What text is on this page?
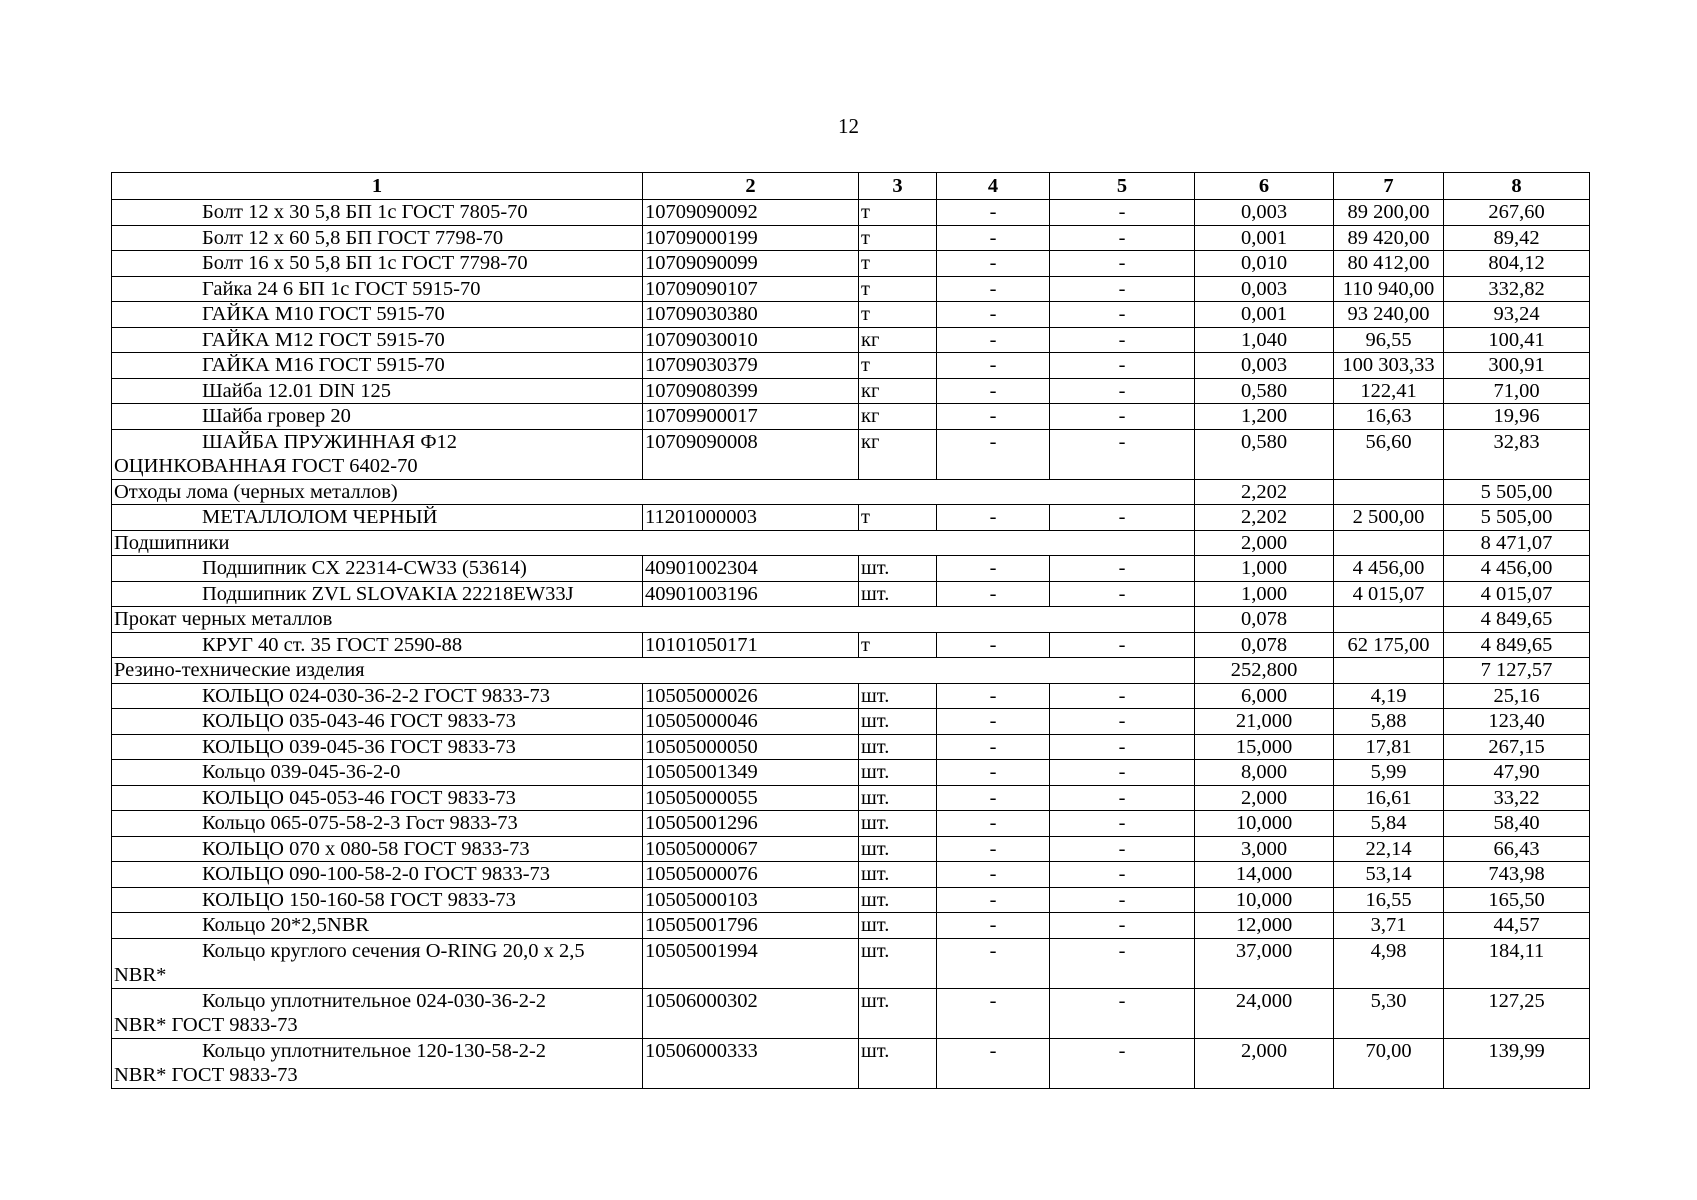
12
1	2	3	4	5	6	7	8

Болт 12 х 30 5,8 БП 1с ГОСТ 7805-70	10709090092	т	-	-	0,003	89 200,00	267,60

Болт 12 х 60 5,8 БП ГОСТ 7798-70	10709000199	т	-	-	0,001	89 420,00	89,42

Болт 16 х 50 5,8 БП 1с ГОСТ 7798-70	10709090099	т	-	-	0,010	80 412,00	804,12

Гайка 24 6 БП 1с ГОСТ 5915-70	10709090107	т	-	-	0,003	110 940,00	332,82

ГАЙКА М10 ГОСТ 5915-70	10709030380	т	-	-	0,001	93 240,00	93,24

ГАЙКА М12 ГОСТ 5915-70	10709030010	кг	-	-	1,040	96,55	100,41

ГАЙКА М16 ГОСТ 5915-70	10709030379	т	-	-	0,003	100 303,33	300,91

Шайба 12.01 DIN 125	10709080399	кг	-	-	0,580	122,41	71,00

Шайба гровер 20	10709900017	кг	-	-	1,200	16,63	19,96

ШАЙБА ПРУЖИННАЯ Ф12
ОЦИНКОВАННАЯ ГОСТ 6402-70	10709090008	кг	-	-	0,580	56,60	32,83
Отходы лома (черных металлов)					2,202		5 505,00

МЕТАЛЛОЛОМ ЧЕРНЫЙ	11201000003	т	-	-	2,202	2 500,00	5 505,00
Подшипники					2,000		8 471,07

Подшипник CX 22314-CW33 (53614)	40901002304	шт.	-	-	1,000	4 456,00	4 456,00

Подшипник ZVL SLOVAKIA 22218EW33J	40901003196	шт.	-	-	1,000	4 015,07	4 015,07
Прокат черных металлов					0,078		4 849,65

КРУГ 40 ст. 35 ГОСТ 2590-88	10101050171	т	-	-	0,078	62 175,00	4 849,65
Резино-технические изделия					252,800		7 127,57

КОЛЬЦО 024-030-36-2-2 ГОСТ 9833-73	10505000026	шт.	-	-	6,000	4,19	25,16

КОЛЬЦО 035-043-46 ГОСТ 9833-73	10505000046	шт.	-	-	21,000	5,88	123,40

КОЛЬЦО 039-045-36 ГОСТ 9833-73	10505000050	шт.	-	-	15,000	17,81	267,15

Кольцо 039-045-36-2-0	10505001349	шт.	-	-	8,000	5,99	47,90

КОЛЬЦО 045-053-46 ГОСТ 9833-73	10505000055	шт.	-	-	2,000	16,61	33,22

Кольцо 065-075-58-2-3 Гост 9833-73	10505001296	шт.	-	-	10,000	5,84	58,40

КОЛЬЦО 070 х 080-58 ГОСТ 9833-73	10505000067	шт.	-	-	3,000	22,14	66,43

КОЛЬЦО 090-100-58-2-0 ГОСТ 9833-73	10505000076	шт.	-	-	14,000	53,14	743,98

КОЛЬЦО 150-160-58 ГОСТ 9833-73	10505000103	шт.	-	-	10,000	16,55	165,50

Кольцо 20*2,5NBR	10505001796	шт.	-	-	12,000	3,71	44,57

Кольцо круглого сечения O-RING 20,0 x 2,5
NBR*	10505001994	шт.	-	-	37,000	4,98	184,11

Кольцо уплотнительное 024-030-36-2-2
NBR* ГОСТ 9833-73	10506000302	шт.	-	-	24,000	5,30	127,25

Кольцо уплотнительное 120-130-58-2-2
NBR* ГОСТ 9833-73	10506000333	шт.	-	-	2,000	70,00	139,99
